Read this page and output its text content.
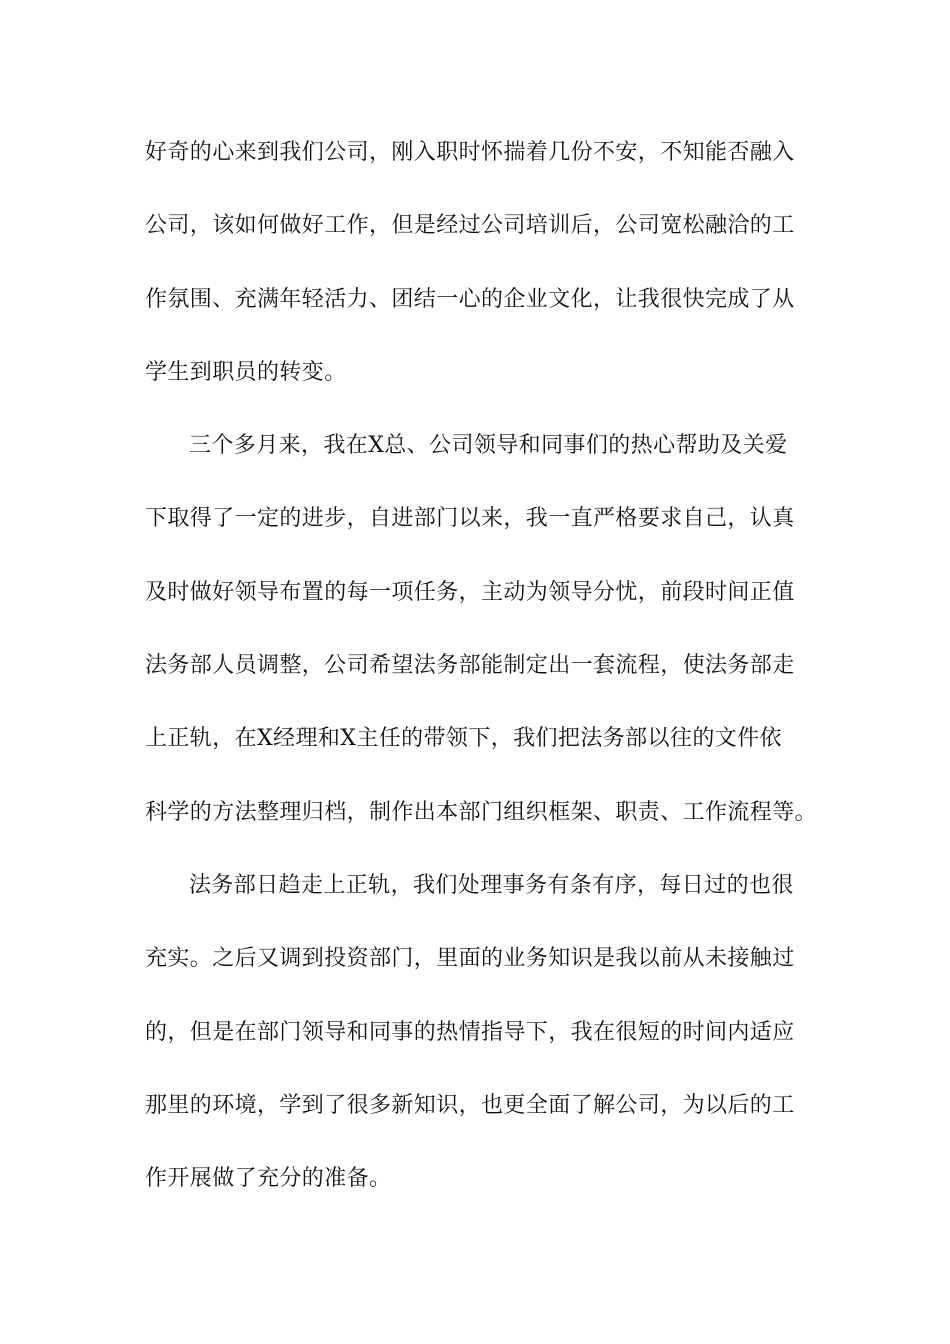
好奇的心来到我们公司，刚入职时怀揣着几份不安，不知能否融入
公司，该如何做好工作，但是经过公司培训后，公司宽松融洽的工
作氛围、充满年轻活力、团结一心的企业文化，让我很快完成了从
学生到职员的转变。
三个多月来，我在X总、公司领导和同事们的热心帮助及关爱
下取得了一定的进步，自进部门以来，我一直严格要求自己，认真
及时做好领导布置的每一项任务，主动为领导分忧，前段时间正值
法务部人员调整，公司希望法务部能制定出一套流程，使法务部走
上正轨，在X经理和X主任的带领下，我们把法务部以往的文件依
科学的方法整理归档，制作出本部门组织框架、职责、工作流程等。
法务部日趋走上正轨，我们处理事务有条有序，每日过的也很
充实。之后又调到投资部门，里面的业务知识是我以前从未接触过
的，但是在部门领导和同事的热情指导下，我在很短的时间内适应
那里的环境，学到了很多新知识，也更全面了解公司，为以后的工
作开展做了充分的准备。
